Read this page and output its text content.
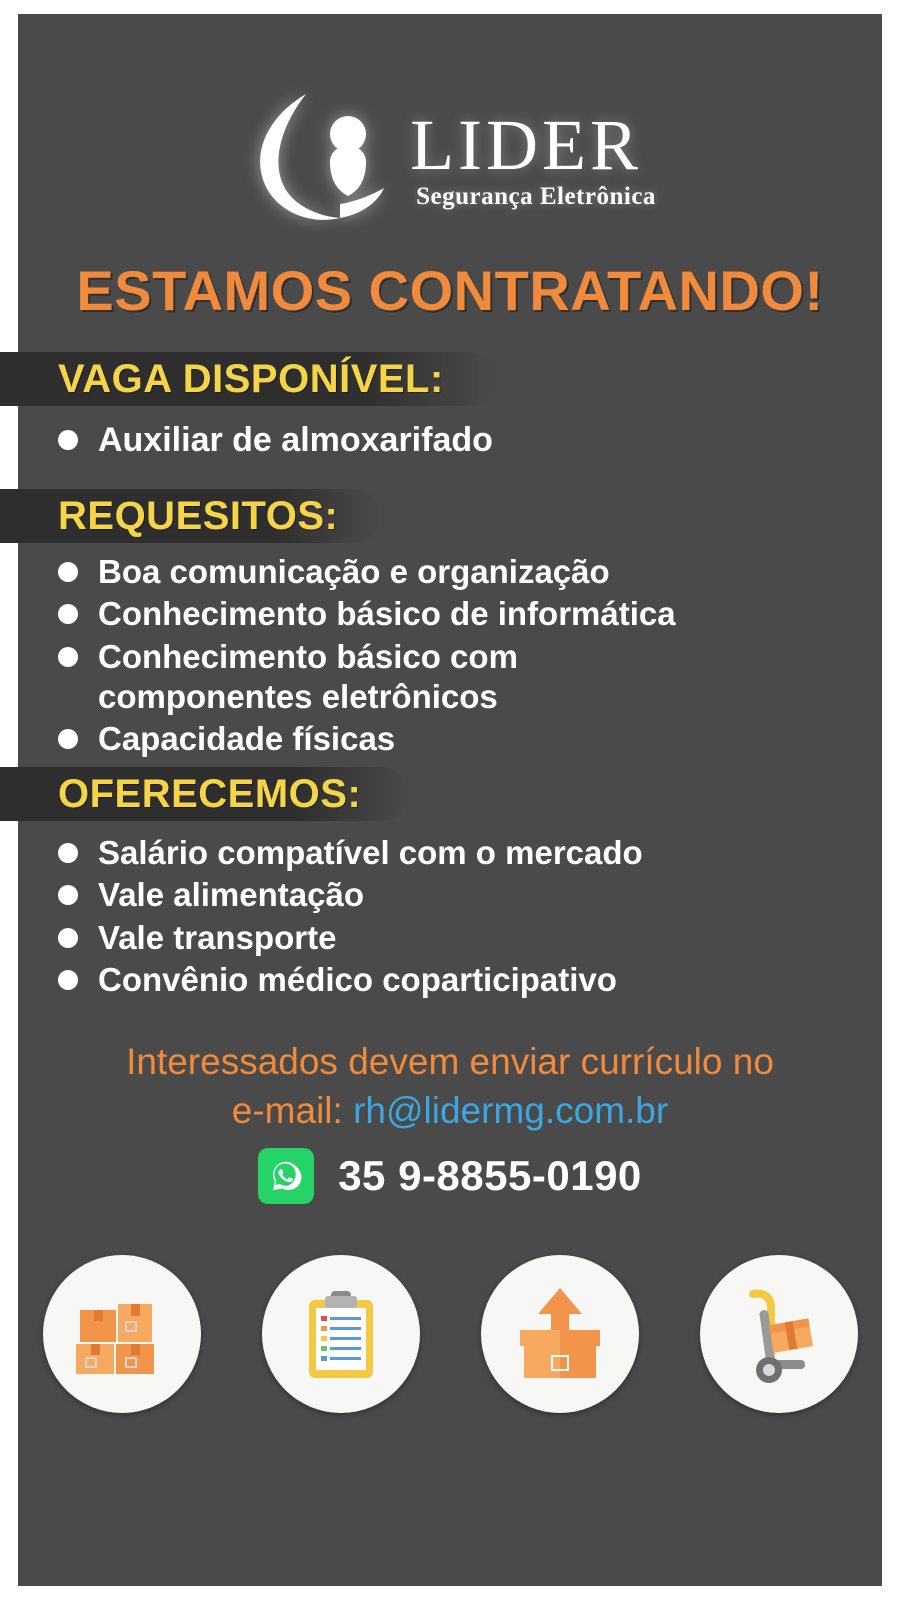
LIDER
Segurança Eletrônica
ESTAMOS CONTRATANDO!
VAGA DISPONÍVEL:
Auxiliar de almoxarifado
REQUESITOS:
Boa comunicação e organização
Conhecimento básico de informática
Conhecimento básico com componentes eletrônicos
Capacidade físicas
OFERECEMOS:
Salário compatível com o mercado
Vale alimentação
Vale transporte
Convênio médico coparticipativo
Interessados devem enviar currículo no
e-mail: rh@lidermg.com.br
35 9-8855-0190
